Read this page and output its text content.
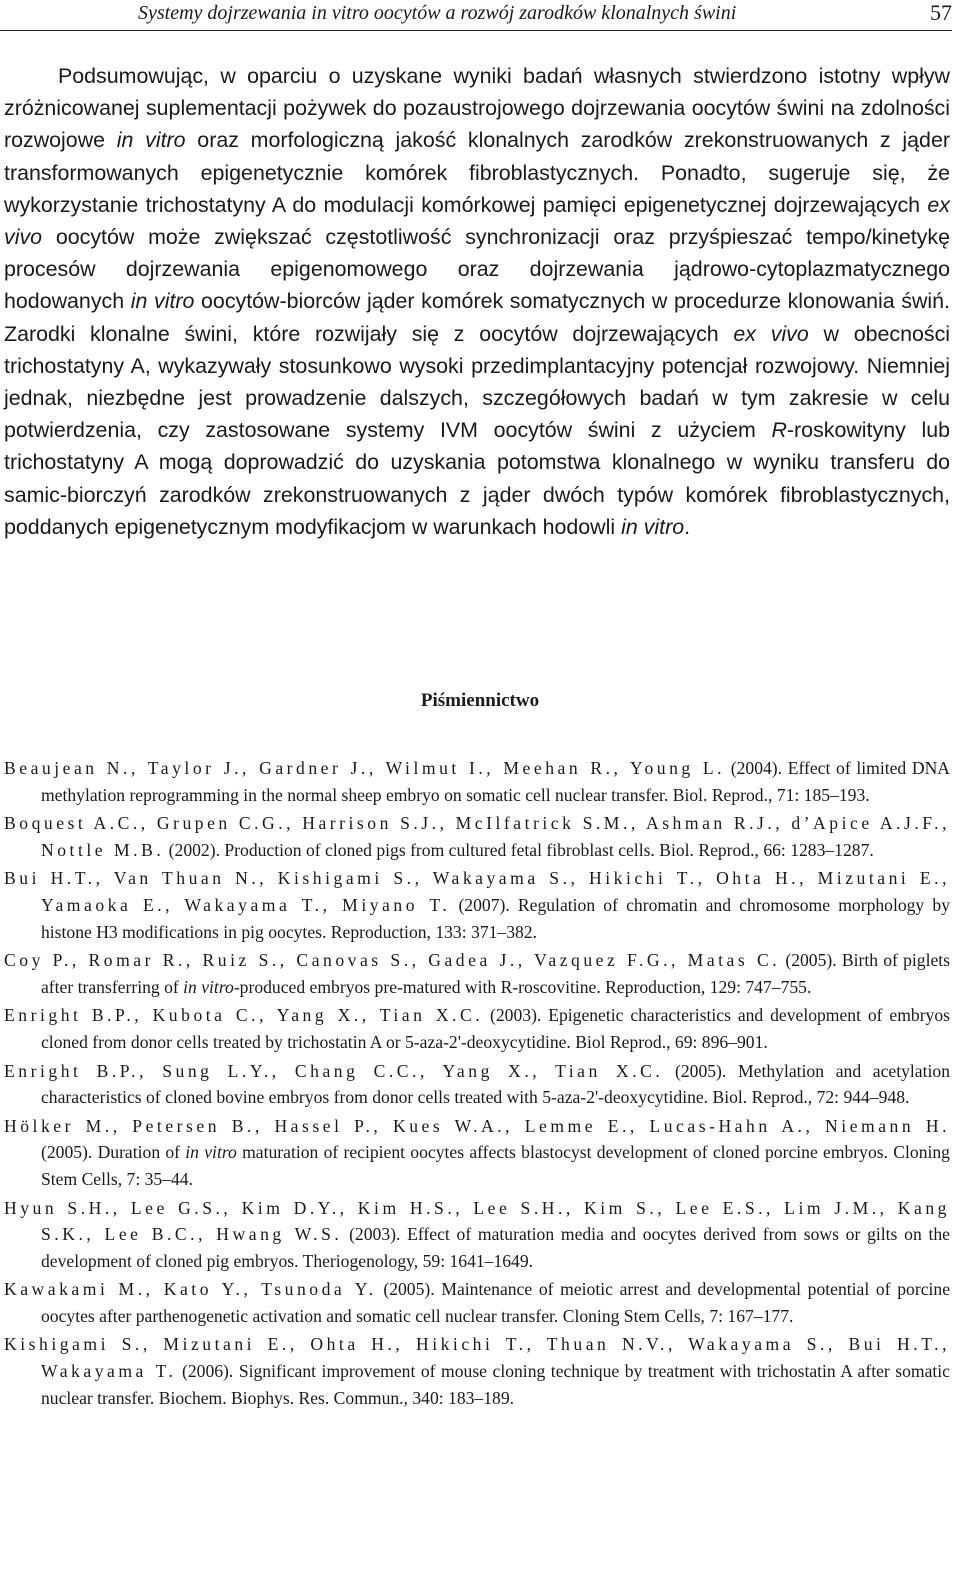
Systemy dojrzewania in vitro oocytów a rozwój zarodków klonalnych świni	57

Podsumowując, w oparciu o uzyskane wyniki badań własnych stwierdzono istotny wpływ zróżnicowanej suplementacji pożywek do pozaustrojowego dojrzewania oocytów świni na zdolności rozwojowe in vitro oraz morfologiczną jakość klonalnych zarodków zrekonstruowanych z jąder transformowanych epigenetycznie komórek fibroblastycznych. Ponadto, sugeruje się, że wykorzystanie trichostatyny A do modulacji komórkowej pamięci epigenetycznej dojrzewających ex vivo oocytów może zwiększać częstotliwość synchronizacji oraz przyśpieszać tempo/kinetykę procesów dojrzewania epigenomowego oraz dojrzewania jądrowo-cytoplazmatycznego hodowanych in vitro oocytów-biorców jąder komórek somatycznych w procedurze klonowania świń. Zarodki klonalne świni, które rozwijały się z oocytów dojrzewających ex vivo w obecności trichostatyny A, wykazywały stosunkowo wysoki przedimplantacyjny potencjał rozwojowy. Niemniej jednak, niezbędne jest prowadzenie dalszych, szczegółowych badań w tym zakresie w celu potwierdzenia, czy zastosowane systemy IVM oocytów świni z użyciem R-roskowityny lub trichostatyny A mogą doprowadzić do uzyskania potomstwa klonalnego w wyniku transferu do samic-biorczyń zarodków zrekonstruowanych z jąder dwóch typów komórek fibroblastycznych, poddanych epigenetycznym modyfikacjom w warunkach hodowli in vitro.

Piśmiennictwo

Beaujean N., Taylor J., Gardner J., Wilmut I., Meehan R., Young L. (2004). Effect of limited DNA methylation reprogramming in the normal sheep embryo on somatic cell nuclear transfer. Biol. Reprod., 71: 185–193.

Boquest A.C., Grupen C.G., Harrison S.J., McIlfatrick S.M., Ashman R.J., d’Apice A.J.F., Nottle M.B. (2002). Production of cloned pigs from cultured fetal fibroblast cells. Biol. Reprod., 66: 1283–1287.

Bui H.T., Van Thuan N., Kishigami S., Wakayama S., Hikichi T., Ohta H., Mizutani E., Yamaoka E., Wakayama T., Miyano T. (2007). Regulation of chromatin and chromosome morphology by histone H3 modifications in pig oocytes. Reproduction, 133: 371–382.

Coy P., Romar R., Ruiz S., Canovas S., Gadea J., Vazquez F.G., Matas C. (2005). Birth of piglets after transferring of in vitro-produced embryos pre-matured with R-roscovitine. Reproduction, 129: 747–755.

Enright B.P., Kubota C., Yang X., Tian X.C. (2003). Epigenetic characteristics and development of embryos cloned from donor cells treated by trichostatin A or 5-aza-2'-deoxycytidine. Biol Reprod., 69: 896–901.

Enright B.P., Sung L.Y., Chang C.C., Yang X., Tian X.C. (2005). Methylation and acetylation characteristics of cloned bovine embryos from donor cells treated with 5-aza-2'-deoxycytidine. Biol. Reprod., 72: 944–948.

Hölker M., Petersen B., Hassel P., Kues W.A., Lemme E., Lucas-Hahn A., Niemann H. (2005). Duration of in vitro maturation of recipient oocytes affects blastocyst development of cloned porcine embryos. Cloning Stem Cells, 7: 35–44.

Hyun S.H., Lee G.S., Kim D.Y., Kim H.S., Lee S.H., Kim S., Lee E.S., Lim J.M., Kang S.K., Lee B.C., Hwang W.S. (2003). Effect of maturation media and oocytes derived from sows or gilts on the development of cloned pig embryos. Theriogenology, 59: 1641–1649.

Kawakami M., Kato Y., Tsunoda Y. (2005). Maintenance of meiotic arrest and developmental potential of porcine oocytes after parthenogenetic activation and somatic cell nuclear transfer. Cloning Stem Cells, 7: 167–177.

Kishigami S., Mizutani E., Ohta H., Hikichi T., Thuan N.V., Wakayama S., Bui H.T., Wakayama T. (2006). Significant improvement of mouse cloning technique by treatment with trichostatin A after somatic nuclear transfer. Biochem. Biophys. Res. Commun., 340: 183–189.
